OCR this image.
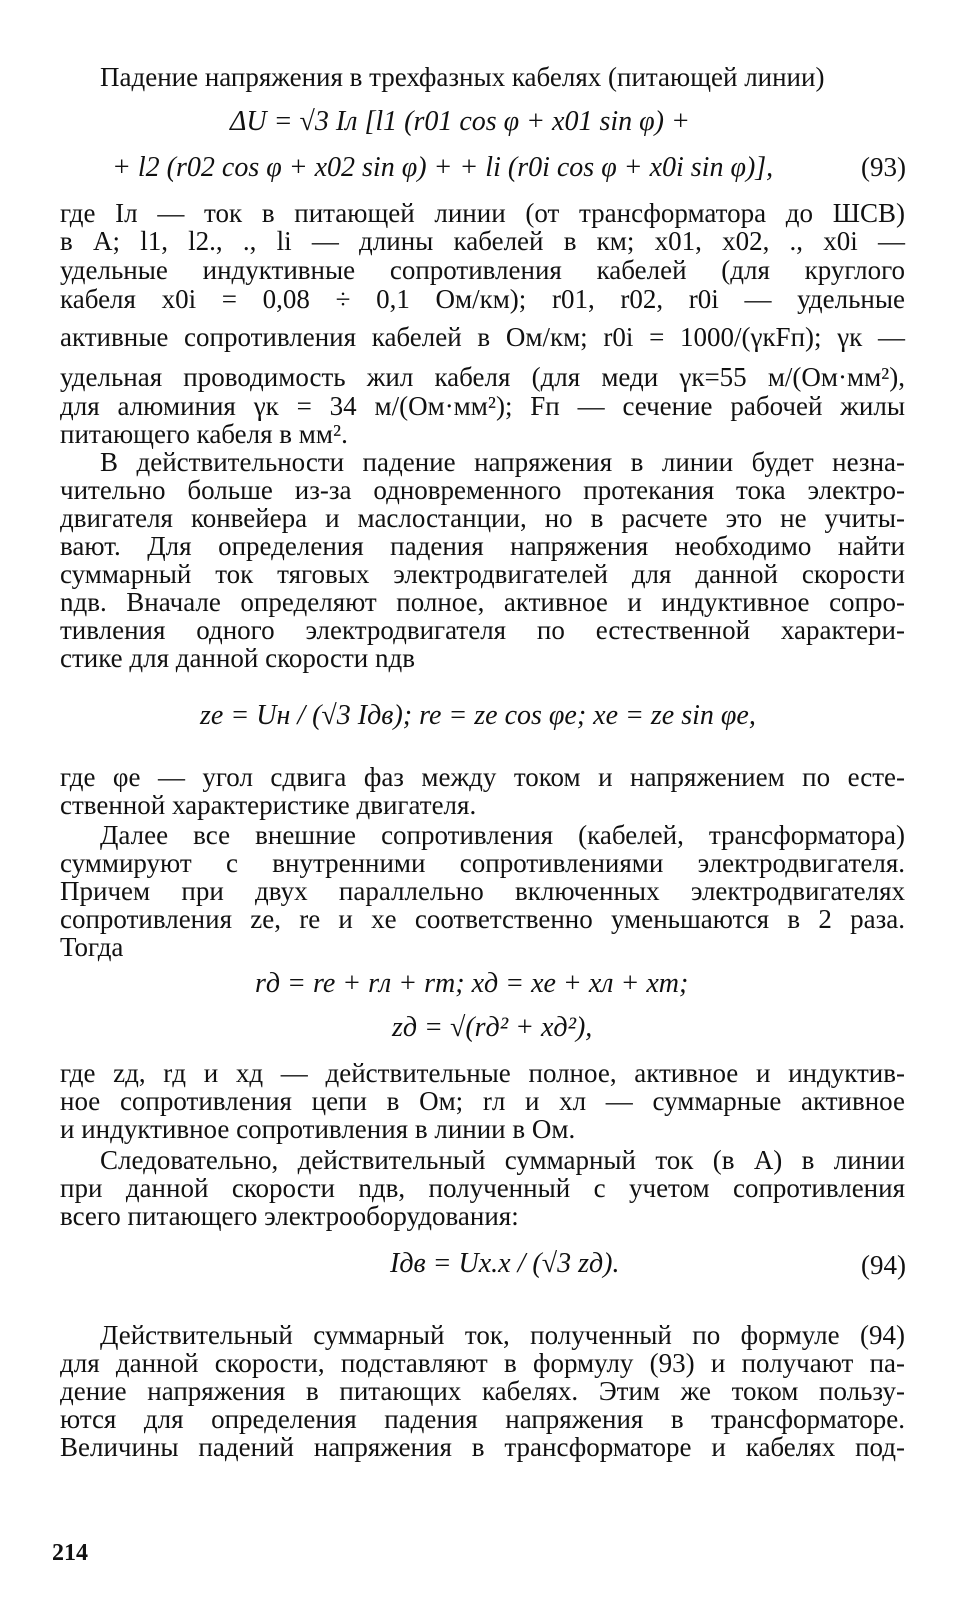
Падение напряжения в трехфазных кабелях (питающей линии)
ΔU = √3 Iл [l1 (r01 cos φ + x01 sin φ) +
+ l2 (r02 cos φ + x02 sin φ) + + li (r0i cos φ + x0i sin φ)],	(93)
где Iл — ток в питающей линии (от трансформатора до ШСВ)
в А; l1, l2., ., li — длины кабелей в км; x01, x02, ., x0i —
удельные индуктивные сопротивления кабелей (для круглого
кабеля x0i = 0,08 ÷ 0,1 Ом/км); r01, r02, r0i — удельные
активные сопротивления кабелей в Ом/км; r0i = 1000/(γкFп); γк —
удельная проводимость жил кабеля (для меди γк=55 м/(Ом·мм²),
для алюминия γк = 34 м/(Ом·мм²); Fп — сечение рабочей жилы
питающего кабеля в мм².
В действительности падение напряжения в линии будет незна-
чительно больше из-за одновременного протекания тока электро-
двигателя конвейера и маслостанции, но в расчете это не учиты-
вают. Для определения падения напряжения необходимо найти
суммарный ток тяговых электродвигателей для данной скорости
nдв. Вначале определяют полное, активное и индуктивное сопро-
тивления одного электродвигателя по естественной характери-
стике для данной скорости nдв
ze = Uн / (√3 Iдв); re = ze cos φe; xe = ze sin φe,
где φe — угол сдвига фаз между током и напряжением по есте-
ственной характеристике двигателя.
Далее все внешние сопротивления (кабелей, трансформатора)
суммируют с внутренними сопротивлениями электродвигателя.
Причем при двух параллельно включенных электродвигателях
сопротивления ze, re и xe соответственно уменьшаются в 2 раза.
Тогда
rд = re + rл + rт; xд = xe + xл + xт;
zд = √(rд² + xд²),
где zд, rд и xд — действительные полное, активное и индуктив-
ное сопротивления цепи в Ом; rл и xл — суммарные активное
и индуктивное сопротивления в линии в Ом.
Следовательно, действительный суммарный ток (в А) в линии
при данной скорости nдв, полученный с учетом сопротивления
всего питающего электрооборудования:
Iдв = Uх.х / (√3 zд).	(94)
Действительный суммарный ток, полученный по формуле (94)
для данной скорости, подставляют в формулу (93) и получают па-
дение напряжения в питающих кабелях. Этим же током пользу-
ются для определения падения напряжения в трансформаторе.
Величины падений напряжения в трансформаторе и кабелях под-
214
